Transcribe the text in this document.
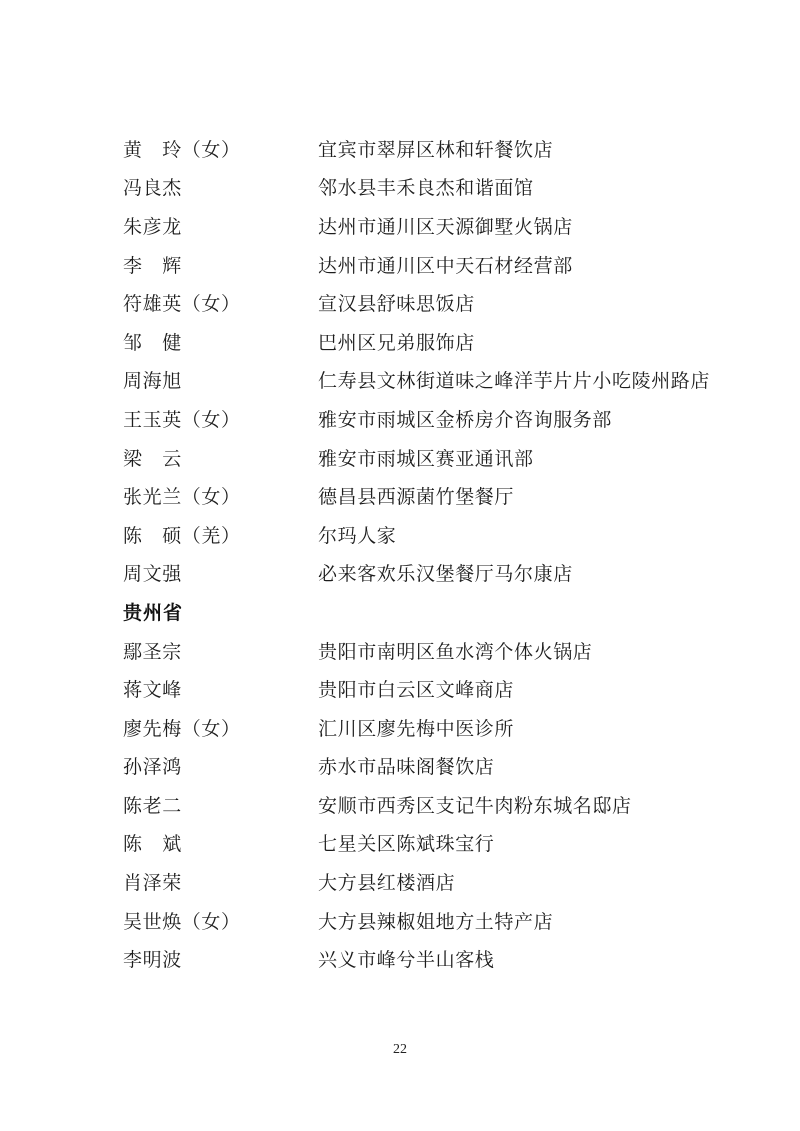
黄　玲（女）	宜宾市翠屏区林和轩餐饮店
冯良杰	邻水县丰禾良杰和谐面馆
朱彦龙	达州市通川区天源御墅火锅店
李　辉	达州市通川区中天石材经营部
符雄英（女）	宣汉县舒味思饭店
邹　健	巴州区兄弟服饰店
周海旭	仁寿县文林街道味之峰洋芋片片小吃陵州路店
王玉英（女）	雅安市雨城区金桥房介咨询服务部
梁　云	雅安市雨城区赛亚通讯部
张光兰（女）	德昌县西源菌竹堡餐厅
陈　硕（羌）	尔玛人家
周文强	必来客欢乐汉堡餐厅马尔康店
贵州省
鄢圣宗	贵阳市南明区鱼水湾个体火锅店
蒋文峰	贵阳市白云区文峰商店
廖先梅（女）	汇川区廖先梅中医诊所
孙泽鸿	赤水市品味阁餐饮店
陈老二	安顺市西秀区支记牛肉粉东城名邸店
陈　斌	七星关区陈斌珠宝行
肖泽荣	大方县红楼酒店
吴世焕（女）	大方县辣椒姐地方土特产店
李明波	兴义市峰兮半山客栈
22
